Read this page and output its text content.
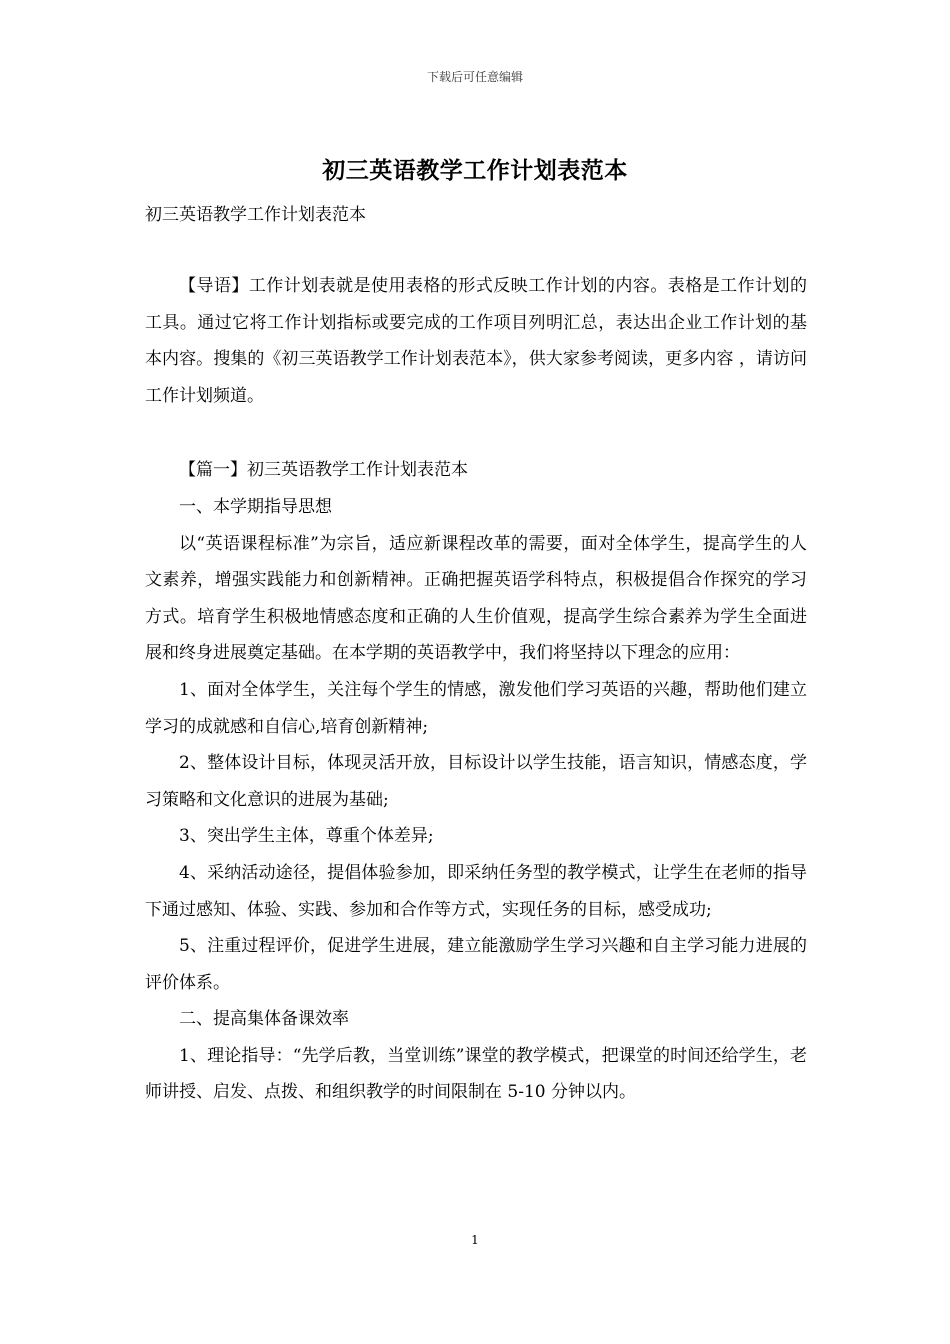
下载后可任意编辑
初三英语教学工作计划表范本
初三英语教学工作计划表范本

【导语】工作计划表就是使用表格的形式反映工作计划的内容。表格是工作计划的工具。通过它将工作计划指标或要完成的工作项目列明汇总，表达出企业工作计划的基本内容。搜集的《初三英语教学工作计划表范本》，供大家参考阅读，更多内容 ，请访问工作计划频道。

【篇一】初三英语教学工作计划表范本

一、本学期指导思想

以“英语课程标准”为宗旨，适应新课程改革的需要，面对全体学生，提高学生的人文素养，增强实践能力和创新精神。正确把握英语学科特点，积极提倡合作探究的学习方式。培育学生积极地情感态度和正确的人生价值观，提高学生综合素养为学生全面进展和终身进展奠定基础。在本学期的英语教学中，我们将坚持以下理念的应用：

1、面对全体学生，关注每个学生的情感，激发他们学习英语的兴趣，帮助他们建立学习的成就感和自信心,培育创新精神;

2、整体设计目标，体现灵活开放，目标设计以学生技能，语言知识，情感态度，学习策略和文化意识的进展为基础;

3、突出学生主体，尊重个体差异;

4、采纳活动途径，提倡体验参加，即采纳任务型的教学模式，让学生在老师的指导下通过感知、体验、实践、参加和合作等方式，实现任务的目标，感受成功;

5、注重过程评价，促进学生进展，建立能激励学生学习兴趣和自主学习能力进展的评价体系。

二、提高集体备课效率

1、理论指导：“先学后教，当堂训练”课堂的教学模式，把课堂的时间还给学生，老师讲授、启发、点拨、和组织教学的时间限制在 5-10 分钟以内。

1
